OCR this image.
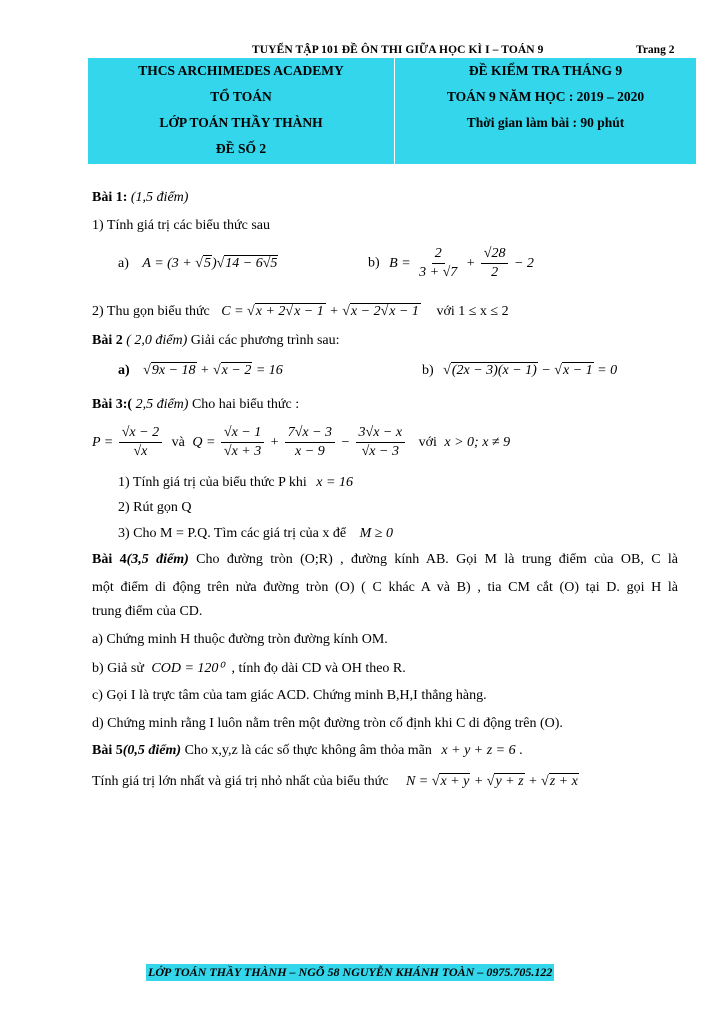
TUYỂN TẬP 101 ĐỀ ÔN THI GIỮA HỌC KÌ I – TOÁN 9	Trang 2
THCS ARCHIMEDES ACADEMY
TỔ TOÁN
LỚP TOÁN THẦY THÀNH
ĐỀ SỐ 2
ĐỀ KIỂM TRA THÁNG 9
TOÁN 9 NĂM HỌC : 2019 – 2020
Thời gian làm bài : 90 phút
Bài 1: (1,5 điểm)
1) Tính giá trị các biểu thức sau
a) A = (3 + √5)√14 − 6√5	b) $B = \frac{2}{3 + √7} + \frac{√28}{2} - 2$
2) Thu gọn biểu thức C = √x + 2√x − 1 + √x − 2√x − 1 với 1 ≤ x ≤ 2
Bài 2 ( 2,0 điểm) Giải các phương trình sau:
a) √9x − 18 + √x − 2 = 16	b) √(2x − 3)(x − 1) − √x − 1 = 0
Bài 3:( 2,5 điểm) Cho hai biểu thức :
$P = \frac{√x - 2}{√x}$ và $Q = \frac{√x - 1}{√x + 3} + \frac{7√x - 3}{x - 9} - \frac{3√x - x}{√x - 3}$ với x > 0; x ≠ 9
1) Tính giá trị của biểu thức P khi x = 16
2) Rút gọn Q
3) Cho M = P.Q. Tìm các giá trị của x để M ≥ 0
Bài 4(3,5 điểm) Cho đường tròn (O;R) , đường kính AB. Gọi M là trung điểm của OB, C là
một điểm di động trên nửa đường tròn (O) ( C khác A và B) , tia CM cắt (O) tại D. gọi H là
trung điểm của CD.
a) Chứng minh H thuộc đường tròn đường kính OM.
b) Giả sử COD = 120⁰ , tính đọ dài CD và OH theo R.
c) Gọi I là trực tâm của tam giác ACD. Chứng minh B,H,I thẳng hàng.
d) Chứng minh rằng I luôn nằm trên một đường tròn cố định khi C di động trên (O).
Bài 5(0,5 điểm) Cho x,y,z là các số thực không âm thỏa mãn x + y + z = 6 .
Tính giá trị lớn nhất và giá trị nhỏ nhất của biểu thức N = √x + y + √y + z + √z + x
LỚP TOÁN THẦY THÀNH – NGÕ 58 NGUYỄN KHÁNH TOÀN – 0975.705.122
